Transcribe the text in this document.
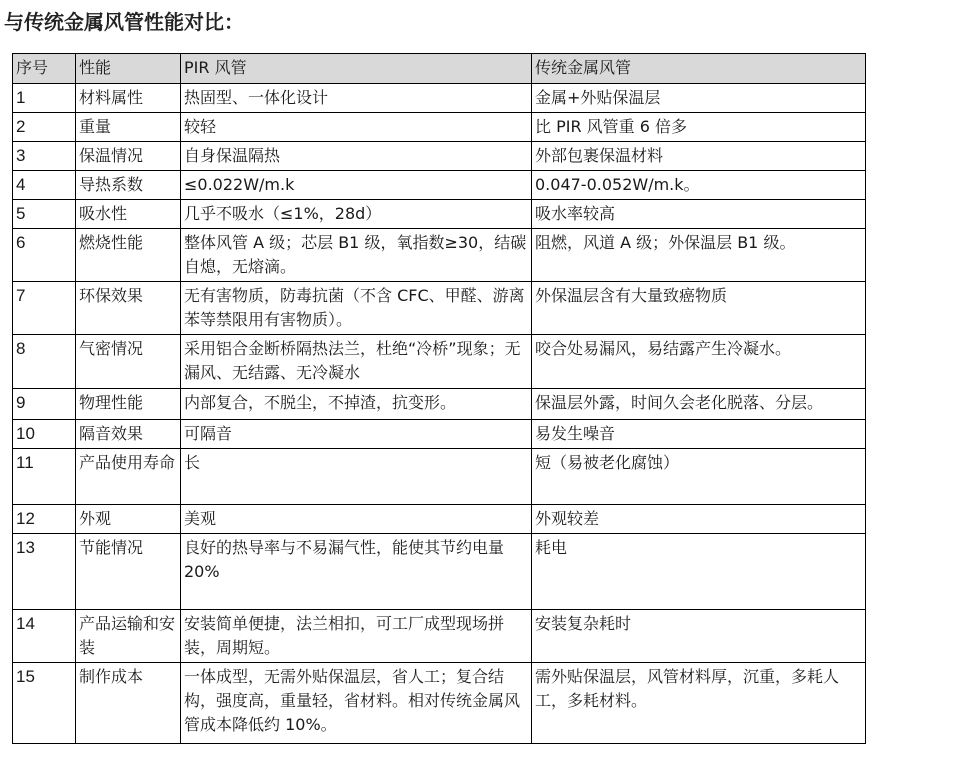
与传统金属风管性能对比：
序号	性能	PIR 风管	传统金属风管
1	材料属性	热固型、一体化设计	金属+外贴保温层
2	重量	较轻	比 PIR 风管重 6 倍多
3	保温情况	自身保温隔热	外部包裹保温材料
4	导热系数	≤0.022W/m.k	0.047-0.052W/m.k。
5	吸水性	几乎不吸水（≤1%，28d）	吸水率较高
6	燃烧性能	整体风管 A 级；芯层 B1 级，氧指数≥30，结碳自熄，无熔滴。	阻燃，风道 A 级；外保温层 B1 级。
7	环保效果	无有害物质，防毒抗菌（不含 CFC、甲醛、游离苯等禁限用有害物质）。	外保温层含有大量致癌物质
8	气密情况	采用铝合金断桥隔热法兰，杜绝“冷桥”现象；无漏风、无结露、无冷凝水	咬合处易漏风，易结露产生冷凝水。
9	物理性能	内部复合，不脱尘，不掉渣，抗变形。	保温层外露，时间久会老化脱落、分层。
10	隔音效果	可隔音	易发生噪音
11	产品使用寿命	长	短（易被老化腐蚀）
12	外观	美观	外观较差
13	节能情况	良好的热导率与不易漏气性，能使其节约电量 20%	耗电
14	产品运输和安装	安装简单便捷，法兰相扣，可工厂成型现场拼装，周期短。	安装复杂耗时
15	制作成本	一体成型，无需外贴保温层，省人工；复合结构，强度高，重量轻，省材料。相对传统金属风管成本降低约 10%。	需外贴保温层，风管材料厚，沉重，多耗人工，多耗材料。
